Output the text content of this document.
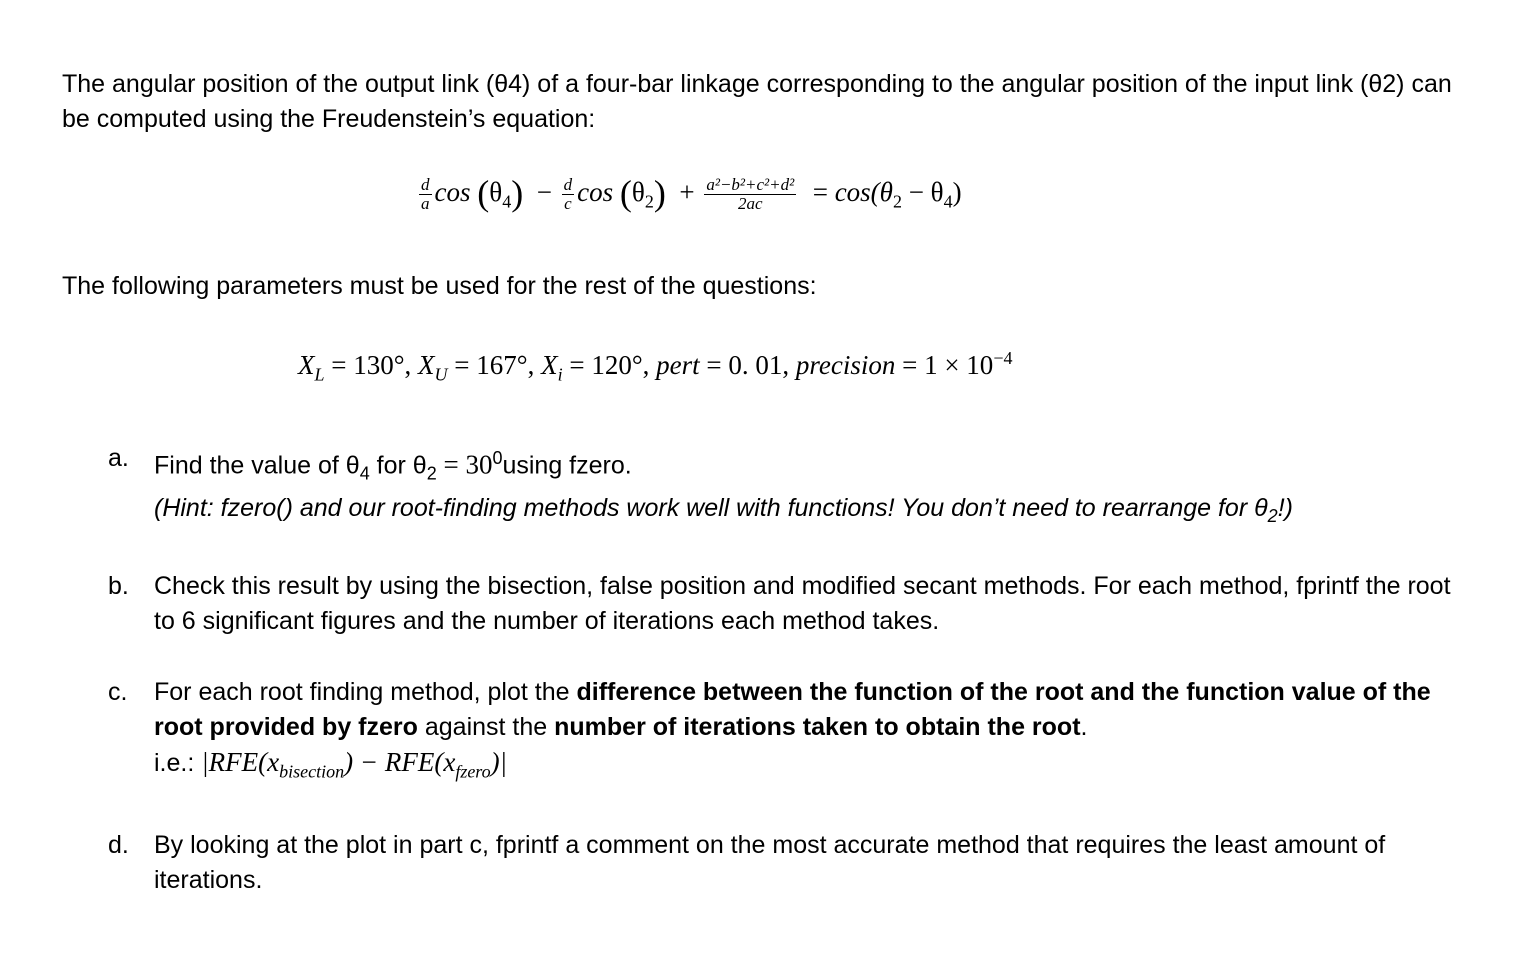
The angular position of the output link (θ4) of a four-bar linkage corresponding to the angular position of the input link (θ2) can be computed using the Freudenstein’s equation:
$\frac{d}{a}$ $\cos (\theta_4) - \frac{d}{c}$ $\cos (\theta_2) + \frac{\text{a²−b²+c²+d²}}{2ac} = \cos(\theta_2 - \theta_4)$
The following parameters must be used for the rest of the questions:
$X_L = 130^\circ$, $X_U = 167^\circ$, $X_i = 120^\circ$, pert = 0. 01, precision = $1 \times 10^{-4}$
a. Find the value of $\theta_4$ for $\theta_2 = 30^0using$ fzero.
(Hint: fzero() and our root-finding methods work well with functions! You don’t need to rearrange for $\theta_2$!)
b. Check this result by using the bisection, false position and modified secant methods. For each method, fprintf the root to 6 significant figures and the number of iterations each method takes.
c. For each root finding method, plot the difference between the function of the root and the function value of the root provided by fzero against the number of iterations taken to obtain the root.
i.e.: $|RFE(x_{bisection}) - RFE(x_{fzero})|$
d. By looking at the plot in part c, fprintf a comment on the most accurate method that requires the least amount of iterations.
